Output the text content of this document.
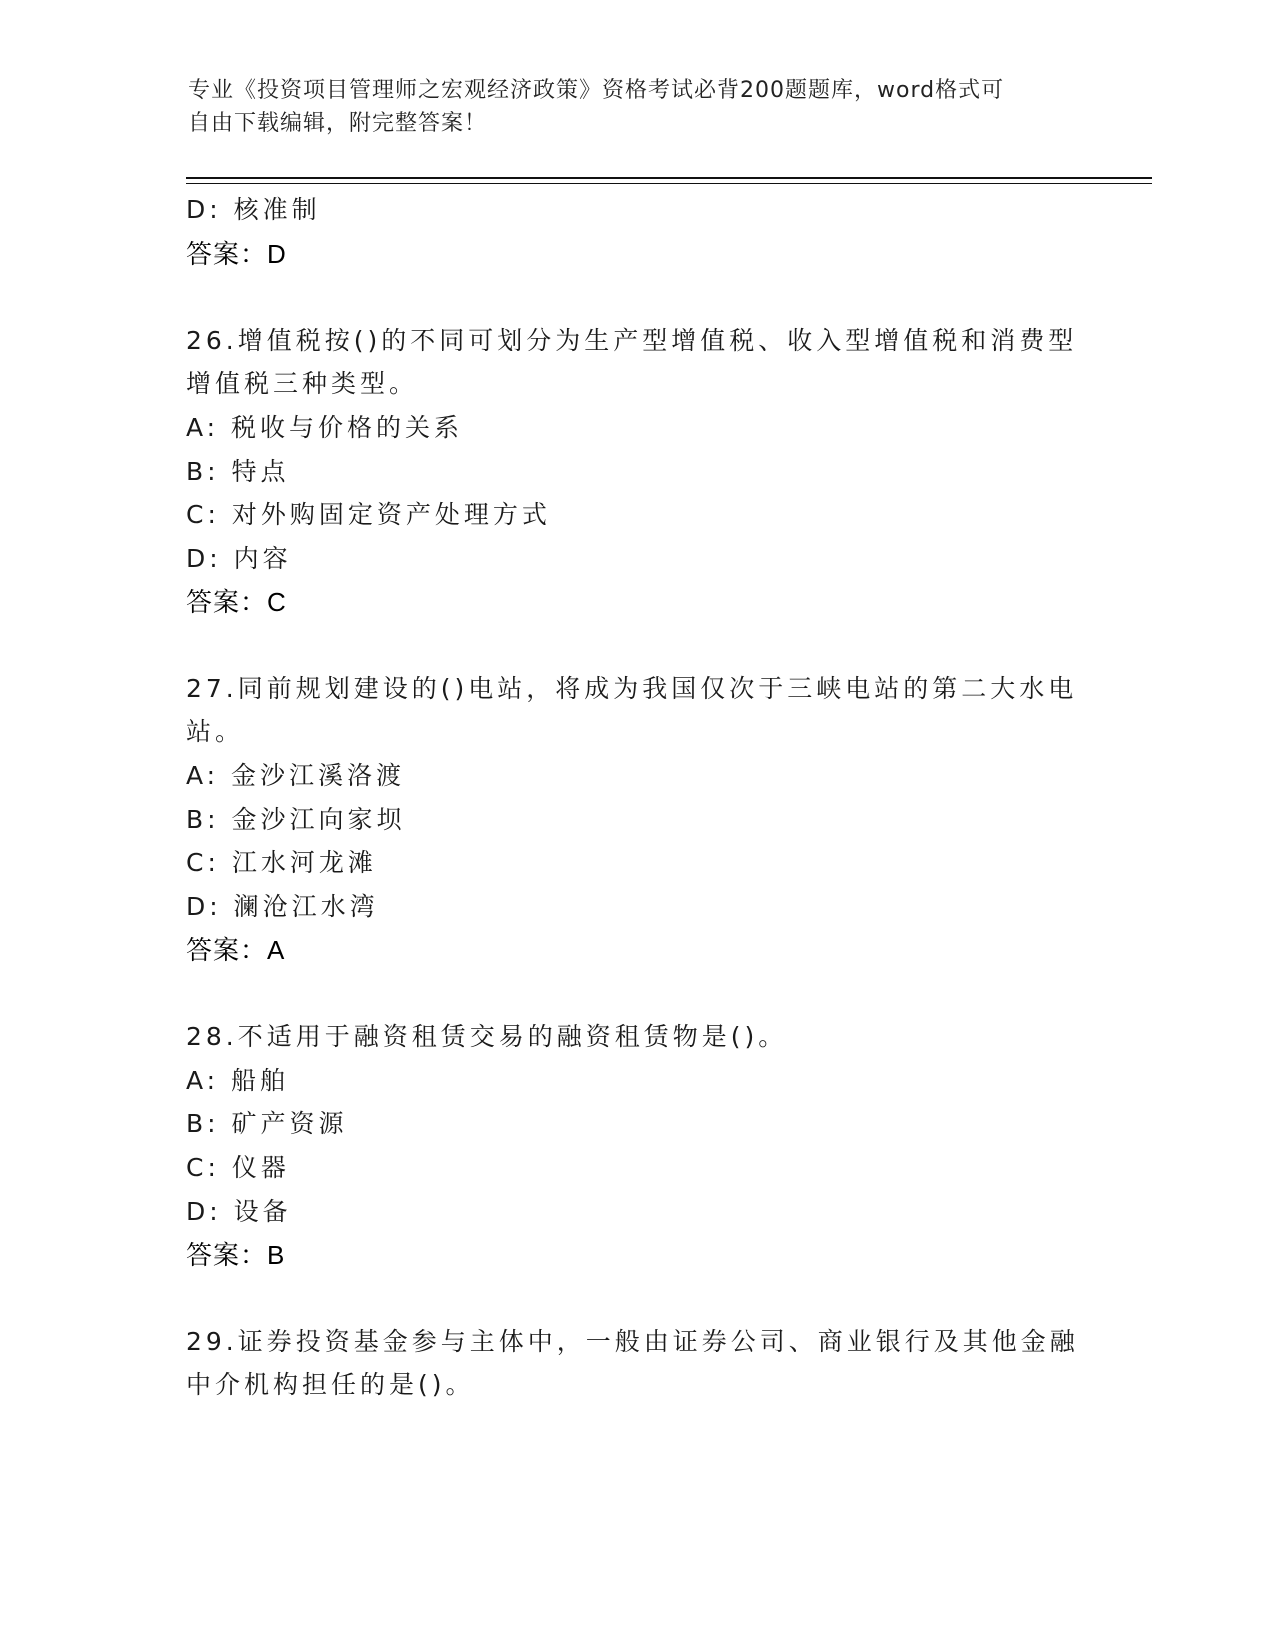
专业《投资项目管理师之宏观经济政策》资格考试必背200题题库，word格式可
自由下载编辑，附完整答案！
D: 核准制
答案：D
26.增值税按()的不同可划分为生产型增值税、收入型增值税和消费型
增值税三种类型。
A: 税收与价格的关系
B: 特点
C: 对外购固定资产处理方式
D: 内容
答案：C
27.同前规划建设的()电站，将成为我国仅次于三峡电站的第二大水电
站。
A: 金沙江溪洛渡
B: 金沙江向家坝
C: 江水河龙滩
D: 澜沧江水湾
答案：A
28.不适用于融资租赁交易的融资租赁物是()。
A: 船舶
B: 矿产资源
C: 仪器
D: 设备
答案：B
29.证券投资基金参与主体中，一般由证券公司、商业银行及其他金融
中介机构担任的是()。
